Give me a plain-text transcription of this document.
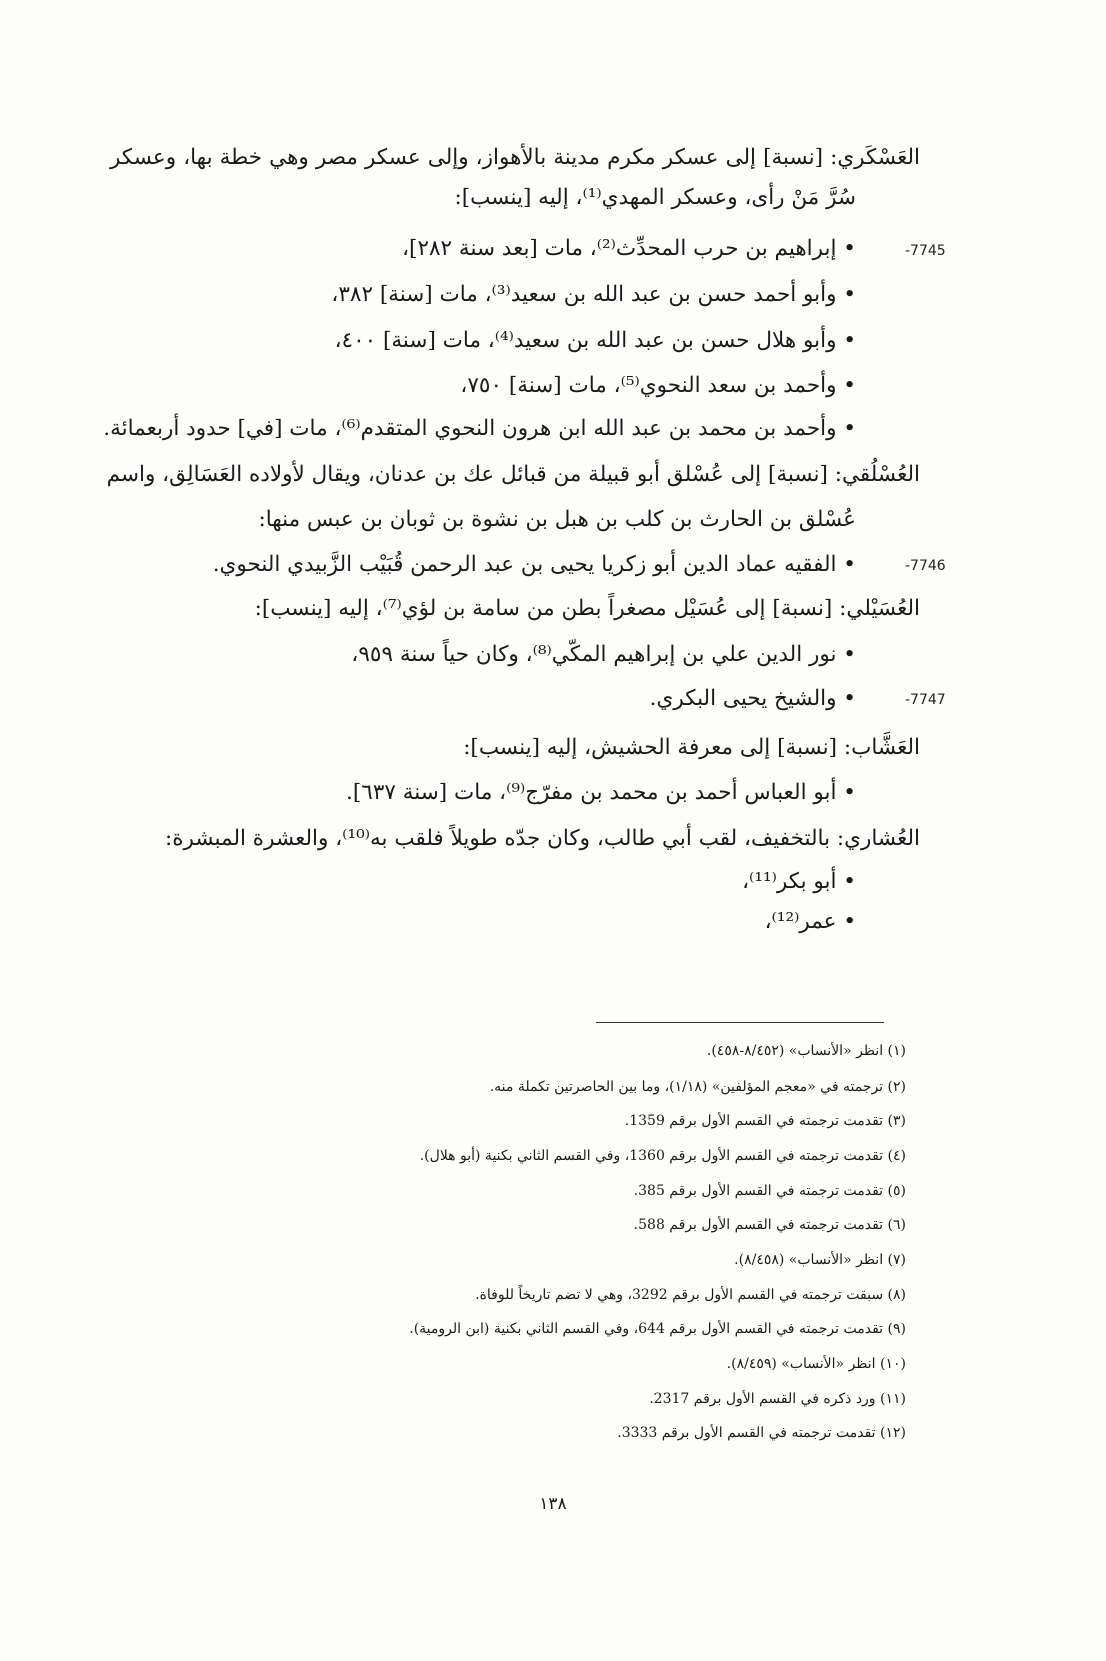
العَسْكَري: [نسبة] إلى عسكر مكرم مدينة بالأهواز، وإلى عسكر مصر وهي خطة بها، وعسكر
سُرَّ مَنْ رأى، وعسكر المهدي⁽¹⁾، إليه [ينسب]:
-7745
• إبراهيم بن حرب المحدِّث⁽²⁾، مات [بعد سنة ٢٨٢]،
• وأبو أحمد حسن بن عبد الله بن سعيد⁽³⁾، مات [سنة] ٣٨٢،
• وأبو هلال حسن بن عبد الله بن سعيد⁽⁴⁾، مات [سنة] ٤٠٠،
• وأحمد بن سعد النحوي⁽⁵⁾، مات [سنة] ٧٥٠،
• وأحمد بن محمد بن عبد الله ابن هرون النحوي المتقدم⁽⁶⁾، مات [في] حدود أربعمائة.
العُسْلُقي: [نسبة] إلى عُسْلق أبو قبيلة من قبائل عك بن عدنان، ويقال لأولاده العَسَالِق، واسم
عُسْلق بن الحارث بن كلب بن هبل بن نشوة بن ثوبان بن عبس منها:
-7746
• الفقيه عماد الدين أبو زكريا يحيى بن عبد الرحمن قُبَيْب الزَّبيدي النحوي.
العُسَيْلي: [نسبة] إلى عُسَيْل مصغراً بطن من سامة بن لؤي⁽⁷⁾، إليه [ينسب]:
• نور الدين علي بن إبراهيم المكّي⁽⁸⁾، وكان حياً سنة ٩٥٩،
-7747
• والشيخ يحيى البكري.
العَشَّاب: [نسبة] إلى معرفة الحشيش، إليه [ينسب]:
• أبو العباس أحمد بن محمد بن مفرّج⁽⁹⁾، مات [سنة ٦٣٧].
العُشاري: بالتخفيف، لقب أبي طالب، وكان جدّه طويلاً فلقب به⁽¹⁰⁾، والعشرة المبشرة:
• أبو بكر⁽¹¹⁾،
• عمر⁽¹²⁾،
(١) انظر «الأنساب» (٨/٤٥٢-٤٥٨).
(٢) ترجمته في «معجم المؤلفين» (١/١٨)، وما بين الحاصرتين تكملة منه.
(٣) تقدمت ترجمته في القسم الأول برقم 1359.
(٤) تقدمت ترجمته في القسم الأول برقم 1360، وفي القسم الثاني بكنية (أبو هلال).
(٥) تقدمت ترجمته في القسم الأول برقم 385.
(٦) تقدمت ترجمته في القسم الأول برقم 588.
(٧) انظر «الأنساب» (٨/٤٥٨).
(٨) سبقت ترجمته في القسم الأول برقم 3292، وهي لا تضم تاريخاً للوفاة.
(٩) تقدمت ترجمته في القسم الأول برقم 644، وفي القسم الثاني بكنية (ابن الرومية).
(١٠) انظر «الأنساب» (٨/٤٥٩).
(١١) ورد ذكره في القسم الأول برقم 2317.
(١٢) تقدمت ترجمته في القسم الأول برقم 3333.
١٣٨
